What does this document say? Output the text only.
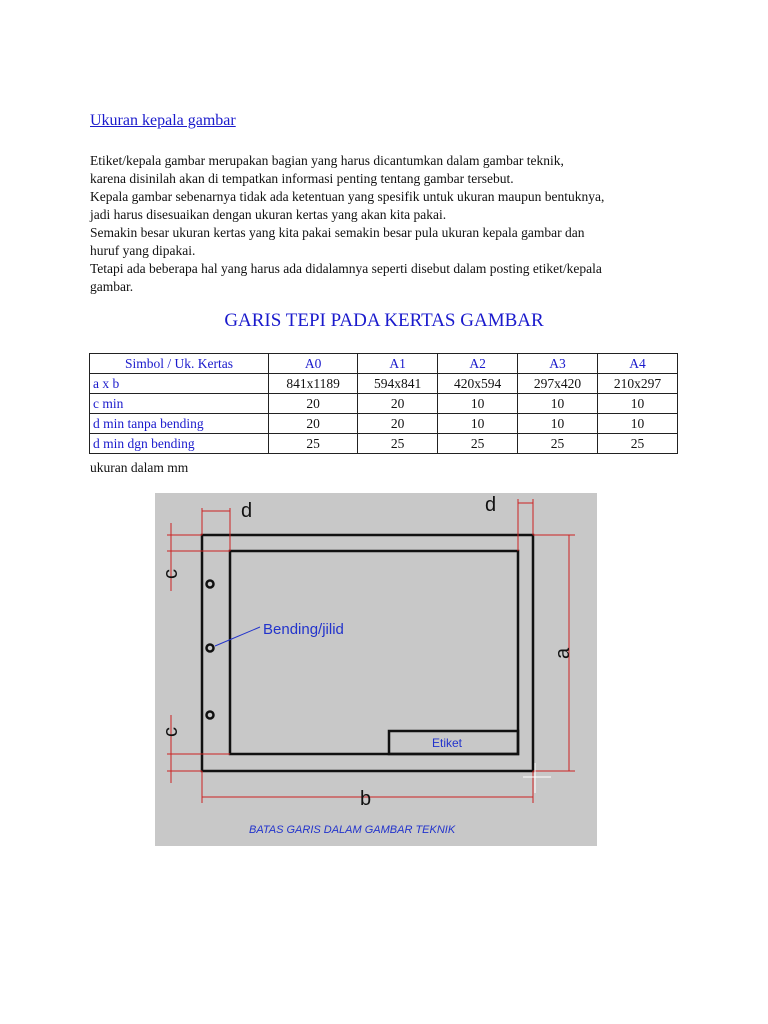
Ukuran kepala gambar
Etiket/kepala gambar merupakan bagian yang harus dicantumkan dalam gambar teknik,
karena disinilah akan di tempatkan informasi penting tentang gambar tersebut.
Kepala gambar sebenarnya tidak ada ketentuan yang spesifik untuk ukuran maupun bentuknya,
jadi harus disesuaikan dengan ukuran kertas yang akan kita pakai.
Semakin besar ukuran kertas yang kita pakai semakin besar pula ukuran kepala gambar dan
huruf yang dipakai.
Tetapi ada beberapa hal yang harus ada didalamnya seperti disebut dalam posting etiket/kepala
gambar.
GARIS TEPI PADA KERTAS GAMBAR
Simbol / Uk. Kertas	A0	A1	A2	A3	A4
a x b	841x1189	594x841	420x594	297x420	210x297
c min	20	20	10	10	10
d min tanpa bending	20	20	10	10	10
d min dgn bending	25	25	25	25	25
ukuran dalam mm
d	d
c
c
a
b
Bending/jilid
Etiket
BATAS GARIS DALAM GAMBAR TEKNIK
